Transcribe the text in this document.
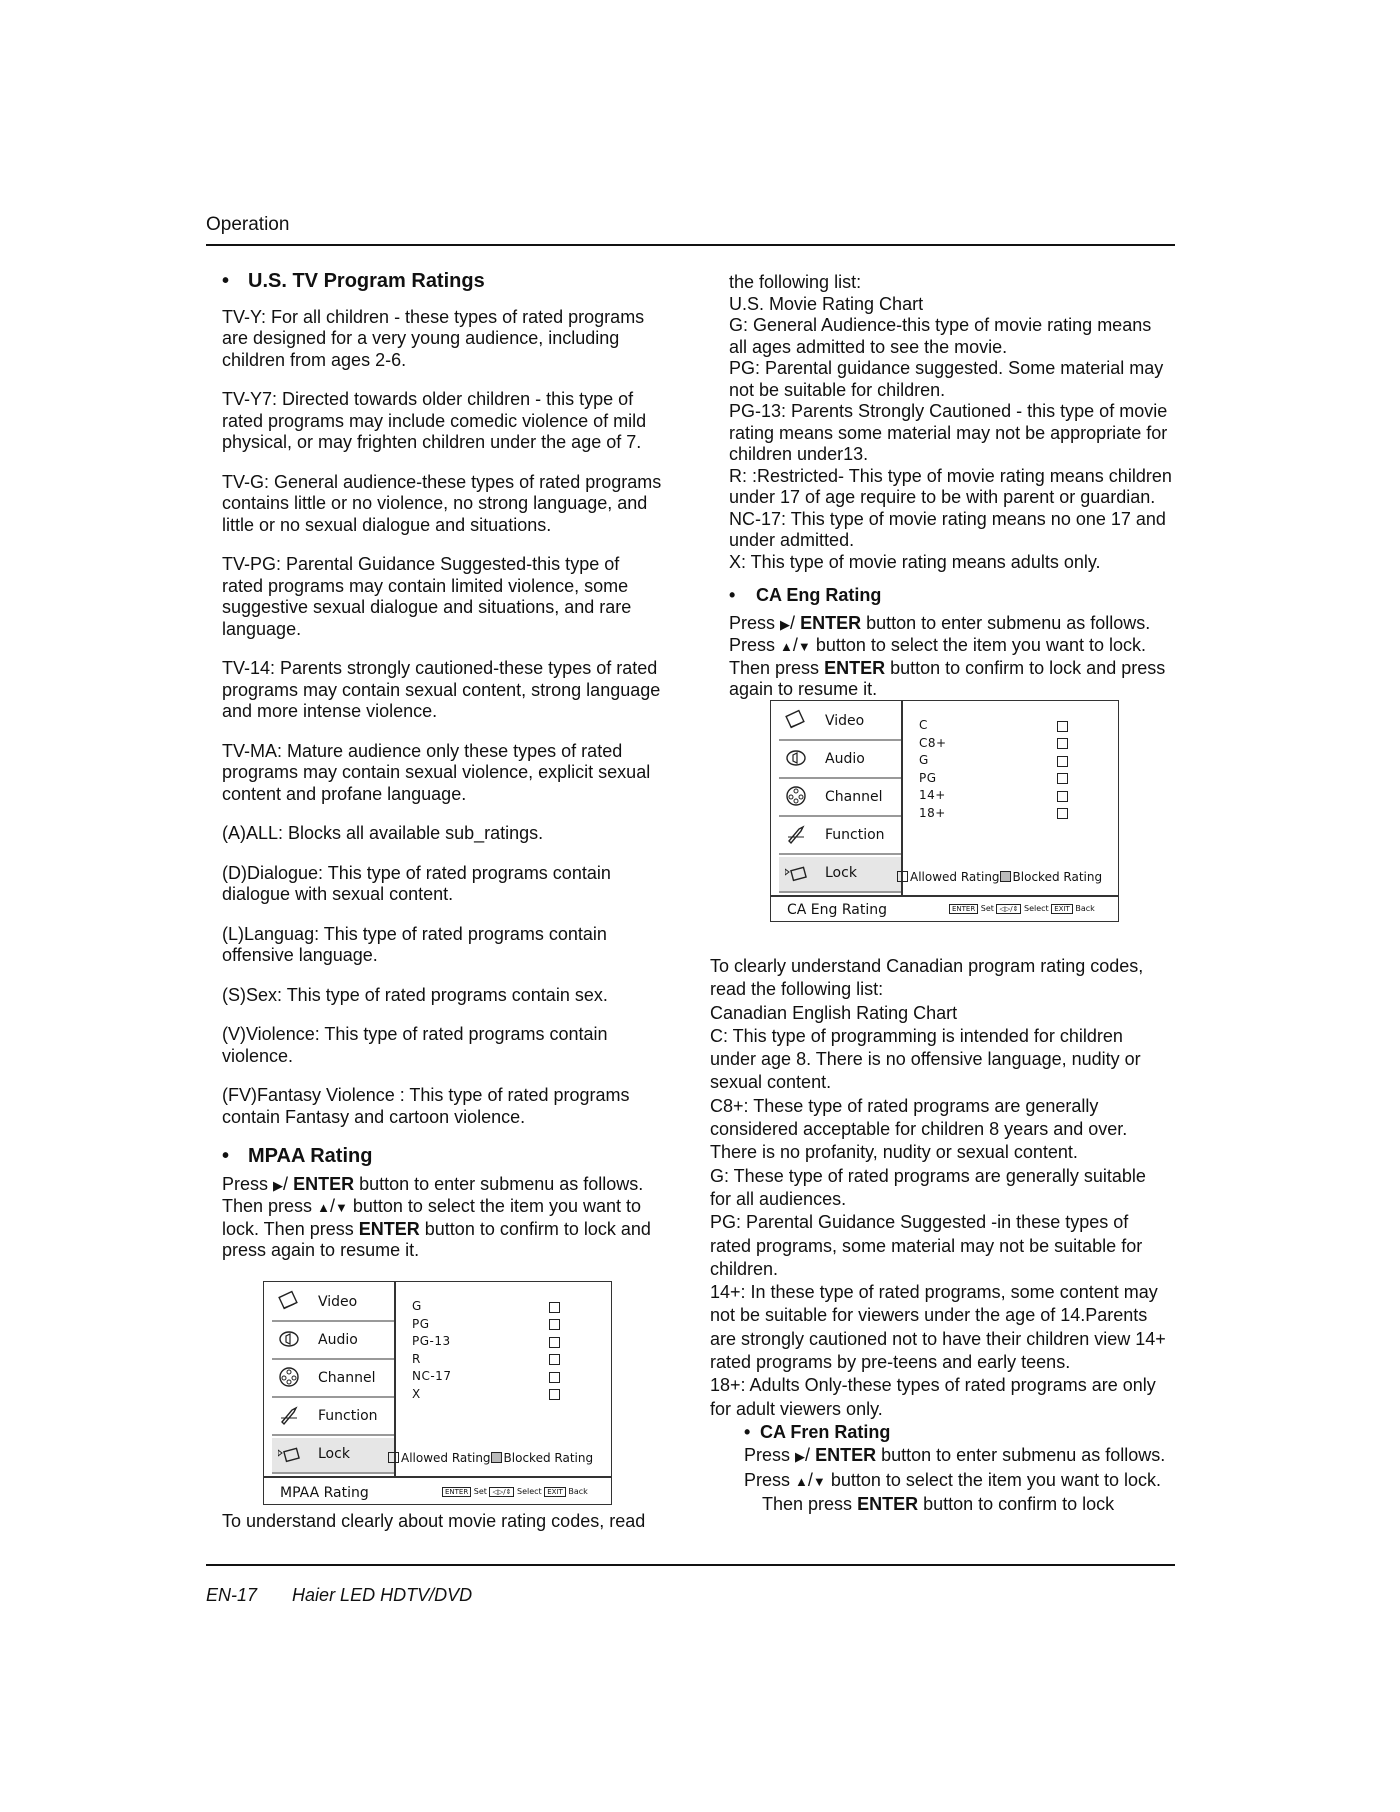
Operation
• U.S. TV Program Ratings

TV-Y: For all children - these types of rated programs are designed for a very young audience, including children from ages 2-6.

TV-Y7: Directed towards older children - this type of rated programs may include comedic violence of mild physical, or may frighten children under the age of 7.

TV-G: General audience-these types of rated programs contains little or no violence, no strong language, and little or no sexual dialogue and situations.

TV-PG: Parental Guidance Suggested-this type of rated programs may contain limited violence, some suggestive sexual dialogue and situations, and rare language.

TV-14: Parents strongly cautioned-these types of rated programs may contain sexual content, strong language and more intense violence.

TV-MA: Mature audience only these types of rated programs may contain sexual violence, explicit sexual content and profane language.

(A)ALL: Blocks all available sub_ratings.

(D)Dialogue: This type of rated programs contain dialogue with sexual content.

(L)Languag: This type of rated programs contain offensive language.

(S)Sex: This type of rated programs contain sex.

(V)Violence: This type of rated programs contain violence.

(FV)Fantasy Violence : This type of rated programs contain Fantasy and cartoon violence.

• MPAA Rating

Press ▶/ ENTER button to enter submenu as follows. Then press ▲/▼ button to select the item you want to lock. Then press ENTER button to confirm to lock and press again to resume it.

Video
Audio
Channel
Function
Lock
G
PG
PG-13
R
NC-17
X
Allowed Rating Blocked Rating
MPAA Rating	ENTER Set ◁▷/⇕ Select EXIT Back

To understand clearly about movie rating codes, read

the following list:

U.S. Movie Rating Chart

G: General Audience-this type of movie rating means all ages admitted to see the movie.

PG: Parental guidance suggested. Some material may not be suitable for children.

PG-13: Parents Strongly Cautioned - this type of movie rating means some material may not be appropriate for children under13.

R: :Restricted- This type of movie rating means children under 17 of age require to be with parent or guardian.

NC-17: This type of movie rating means no one 17 and under admitted.

X: This type of movie rating means adults only.

• CA Eng Rating

Press ▶/ ENTER button to enter submenu as follows. Press ▲/▼ button to select the item you want to lock. Then press ENTER button to confirm to lock and press again to resume it.

Video
Audio
Channel
Function
Lock
C
C8+
G
PG
14+
18+
Allowed Rating Blocked Rating
CA Eng Rating	ENTER Set ◁▷/⇕ Select EXIT Back

To clearly understand Canadian program rating codes, read the following list:

Canadian English Rating Chart

C: This type of programming is intended for children under age 8. There is no offensive language, nudity or sexual content.

C8+: These type of rated programs are generally considered acceptable for children 8 years and over. There is no profanity, nudity or sexual content.

G: These type of rated programs are generally suitable for all audiences.

PG: Parental Guidance Suggested -in these types of rated programs, some material may not be suitable for children.

14+: In these type of rated programs, some content may not be suitable for viewers under the age of 14.Parents are strongly cautioned not to have their children view 14+ rated programs by pre-teens and early teens.

18+: Adults Only-these types of rated programs are only for adult viewers only.

• CA Fren Rating
Press ▶/ ENTER button to enter submenu as follows.
Press ▲/▼ button to select the item you want to lock. Then press ENTER button to confirm to lock
EN-17 Haier LED HDTV/DVD
